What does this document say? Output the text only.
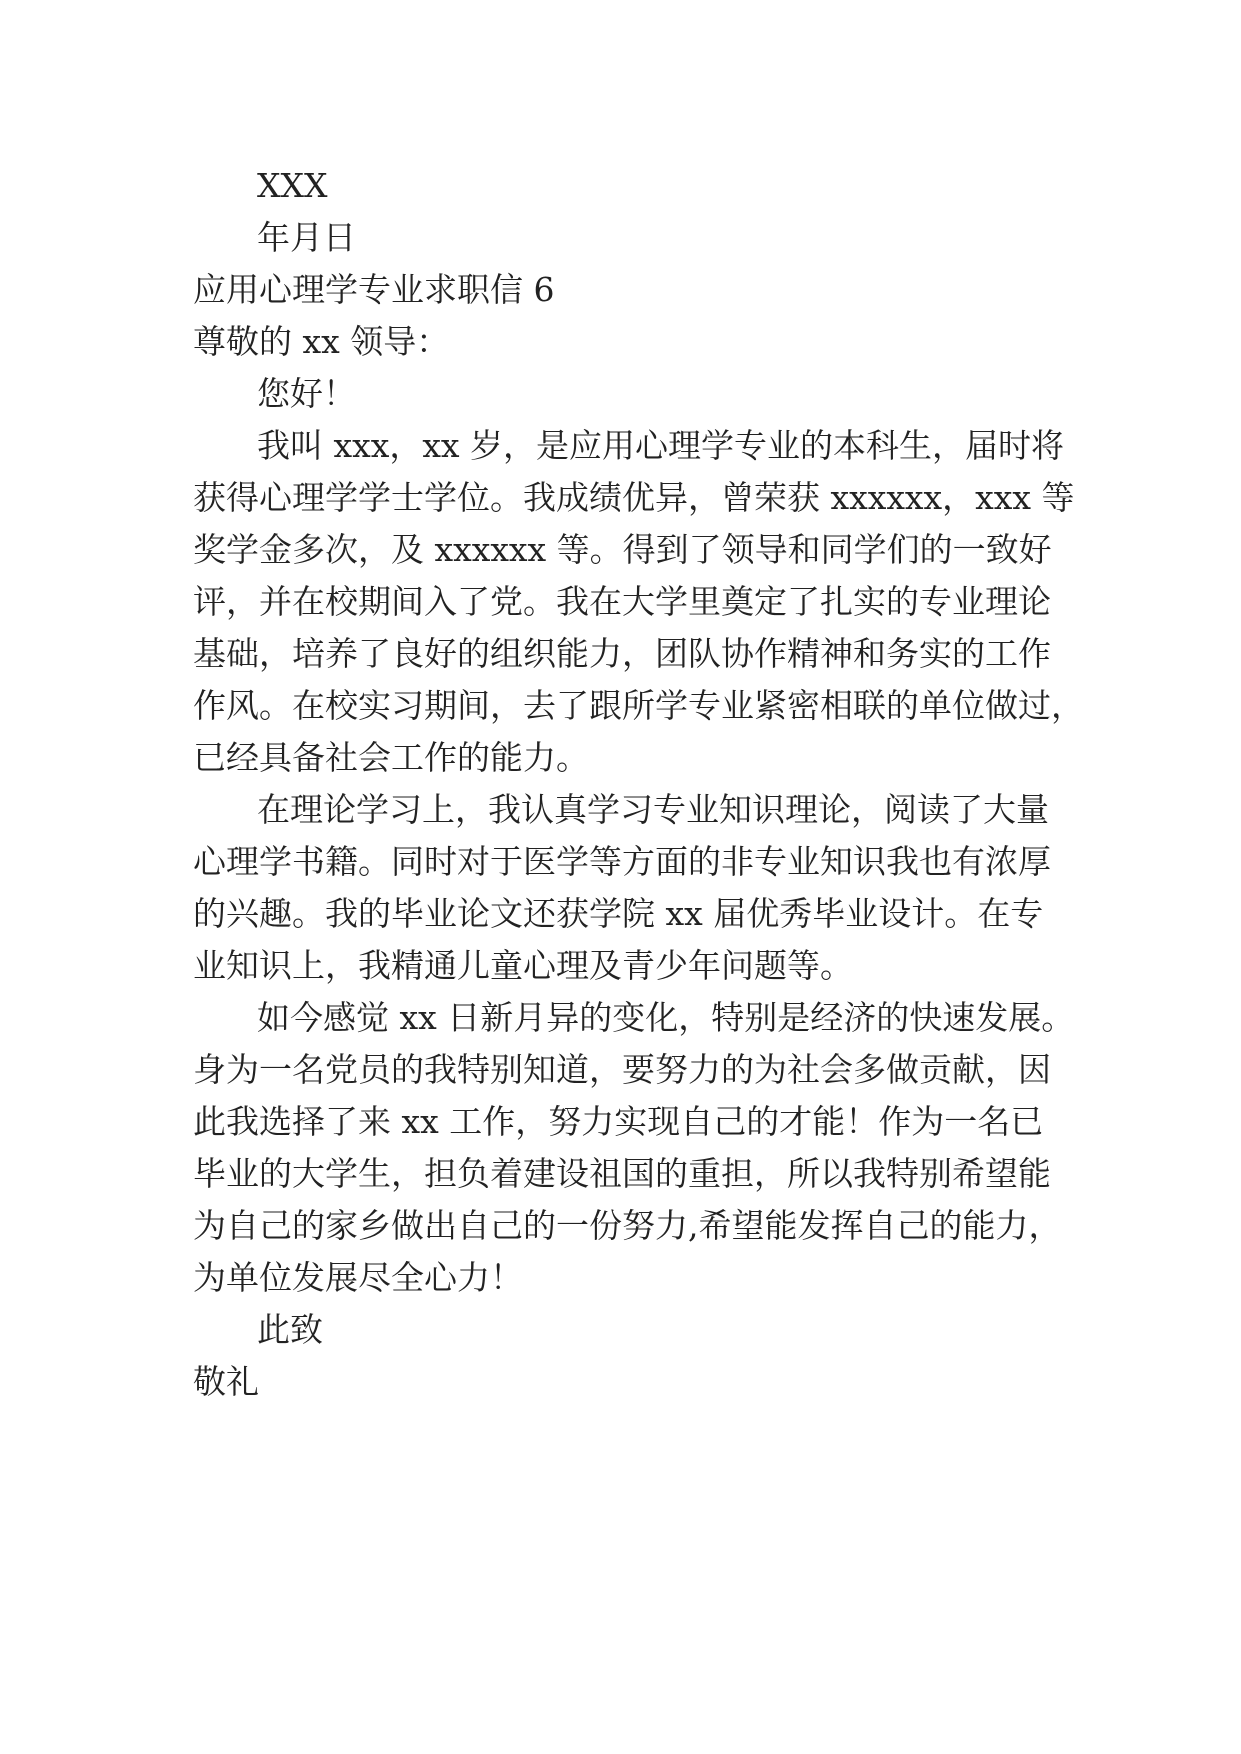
XXX
年月日
应用心理学专业求职信 6
尊敬的 xx 领导：
您好！
我叫 xxx，xx 岁，是应用心理学专业的本科生，届时将
获得心理学学士学位。我成绩优异，曾荣获 xxxxxx，xxx 等
奖学金多次，及 xxxxxx 等。得到了领导和同学们的一致好
评，并在校期间入了党。我在大学里奠定了扎实的专业理论
基础，培养了良好的组织能力，团队协作精神和务实的工作
作风。在校实习期间，去了跟所学专业紧密相联的单位做过，
已经具备社会工作的能力。
在理论学习上，我认真学习专业知识理论，阅读了大量
心理学书籍。同时对于医学等方面的非专业知识我也有浓厚
的兴趣。我的毕业论文还获学院 xx 届优秀毕业设计。在专
业知识上，我精通儿童心理及青少年问题等。
如今感觉 xx 日新月异的变化，特别是经济的快速发展。
身为一名党员的我特别知道，要努力的为社会多做贡献，因
此我选择了来 xx 工作，努力实现自己的才能！作为一名已
毕业的大学生，担负着建设祖国的重担，所以我特别希望能
为自己的家乡做出自己的一份努力,希望能发挥自己的能力，
为单位发展尽全心力！
此致
敬礼
